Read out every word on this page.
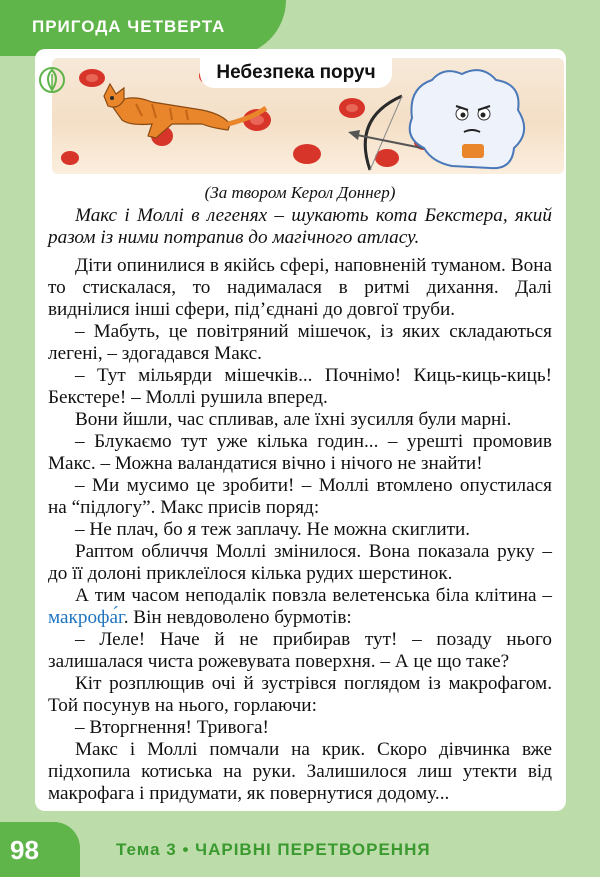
ПРИГОДА ЧЕТВЕРТА
Небезпека поруч
(За твором Керол Доннер)

Макс і Моллі в легенях – шукають кота Бекстера, який разом із ними потрапив до магічного атласу.

Діти опинилися в якійсь сфері, наповненій туманом. Вона то стискалася, то надималася в ритмі дихання. Далі виднілися інші сфери, під’єднані до довгої труби.

– Мабуть, це повітряний мішечок, із яких складаються легені, – здогадався Макс.

– Тут мільярди мішечків... Почнімо! Киць-киць-киць! Бекстере! – Моллі рушила вперед.

Вони йшли, час спливав, але їхні зусилля були марні.

– Блукаємо тут уже кілька годин... – урешті промовив Макс. – Можна валандатися вічно і нічого не знайти!

– Ми мусимо це зробити! – Моллі втомлено опустилася на “підлогу”. Макс присів поряд:

– Не плач, бо я теж заплачу. Не можна скиглити.

Раптом обличчя Моллі змінилося. Вона показала руку – до її долоні приклеїлося кілька рудих шерстинок.

А тим часом неподалік повзла велетенська біла клітина – макрофа́г. Він невдоволено бурмотів:

– Леле! Наче й не прибирав тут! – позаду нього залишалася чиста рожевувата поверхня. – А це що таке?

Кіт розплющив очі й зустрівся поглядом із макрофагом. Той посунув на нього, горлаючи:

– Вторгнення! Тривога!

Макс і Моллі помчали на крик. Скоро дівчинка вже підхопила котиська на руки. Залишилося лиш утекти від макрофага і придумати, як повернутися додому...

98	Тема 3 • ЧАРІВНІ ПЕРЕТВОРЕННЯ
